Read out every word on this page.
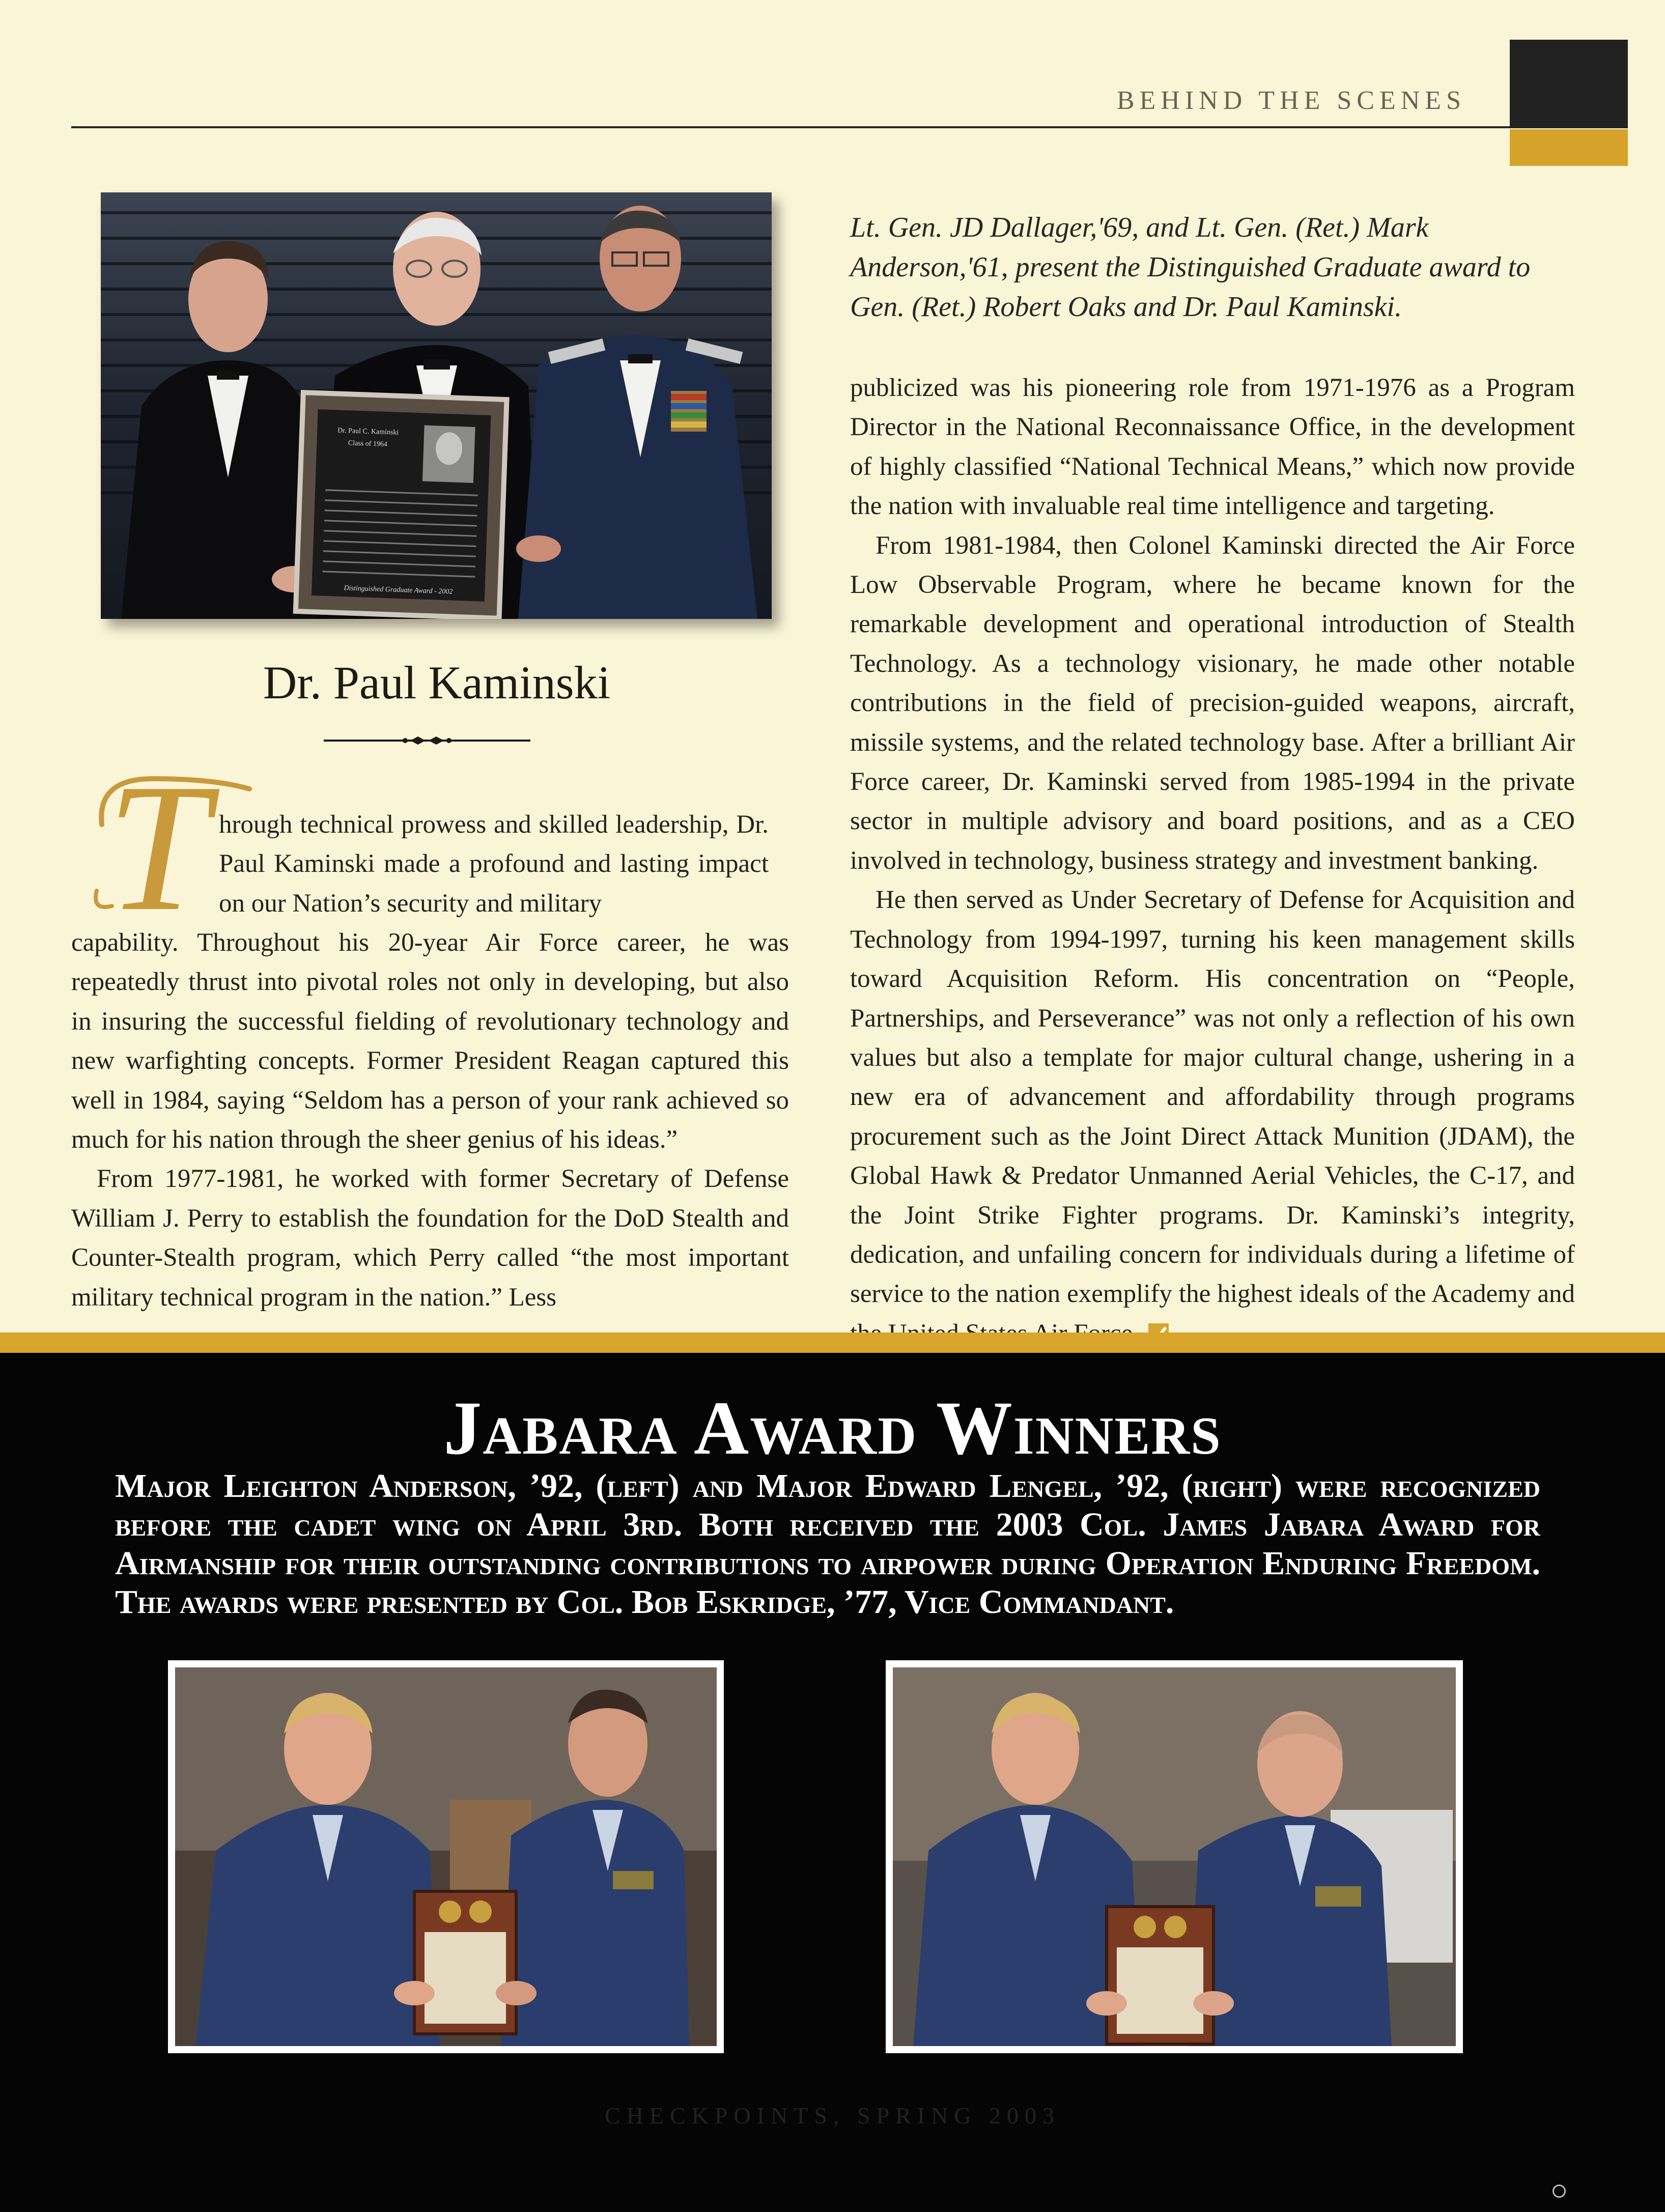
BEHIND THE SCENES
Dr. Paul C. Kaminski
Class of 1964
Distinguished Graduate Award - 2002

Lt. Gen. JD Dallager,'69, and Lt. Gen. (Ret.) Mark Anderson,'61, present the Distinguished Graduate award to Gen. (Ret.) Robert Oaks and Dr. Paul Kaminski.

Dr. Paul Kaminski
T hrough technical prowess and skilled leadership, Dr. Paul Kaminski made a profound and lasting impact on our Nation’s security and military

capability. Throughout his 20-year Air Force career, he was repeatedly thrust into pivotal roles not only in developing, but also in insuring the successful fielding of revolutionary technology and new warfighting concepts. Former President Reagan captured this well in 1984, saying “Seldom has a person of your rank achieved so much for his nation through the sheer genius of his ideas.”

From 1977-1981, he worked with former Secretary of Defense William J. Perry to establish the foundation for the DoD Stealth and Counter-Stealth program, which Perry called “the most important military technical program in the nation.” Less

publicized was his pioneering role from 1971-1976 as a Program Director in the National Reconnaissance Office, in the development of highly classified “National Technical Means,” which now provide the nation with invaluable real time intelligence and targeting.

From 1981-1984, then Colonel Kaminski directed the Air Force Low Observable Program, where he became known for the remarkable development and operational introduction of Stealth Technology. As a technology visionary, he made other notable contributions in the field of precision-guided weapons, aircraft, missile systems, and the related technology base. After a brilliant Air Force career, Dr. Kaminski served from 1985-1994 in the private sector in multiple advisory and board positions, and as a CEO involved in technology, business strategy and investment banking.

He then served as Under Secretary of Defense for Acquisition and Technology from 1994-1997, turning his keen management skills toward Acquisition Reform. His concentration on “People, Partnerships, and Perseverance” was not only a reflection of his own values but also a template for major cultural change, ushering in a new era of advancement and affordability through programs procurement such as the Joint Direct Attack Munition (JDAM), the Global Hawk & Predator Unmanned Aerial Vehicles, the C-17, and the Joint Strike Fighter programs. Dr. Kaminski’s integrity, dedication, and unfailing concern for individuals during a lifetime of service to the nation exemplify the highest ideals of the Academy and

Jabara Award Winners

Major Leighton Anderson, ’92, (left) and Major Edward Lengel, ’92, (right) were recognized before the cadet wing on April 3rd. Both received the 2003 Col. James Jabara Award for Airmanship for their outstanding contributions to airpower during Operation Enduring Freedom. The awards were presented by Col. Bob Eskridge, ’77, Vice Commandant.

CHECKPOINTS, SPRING 2003
